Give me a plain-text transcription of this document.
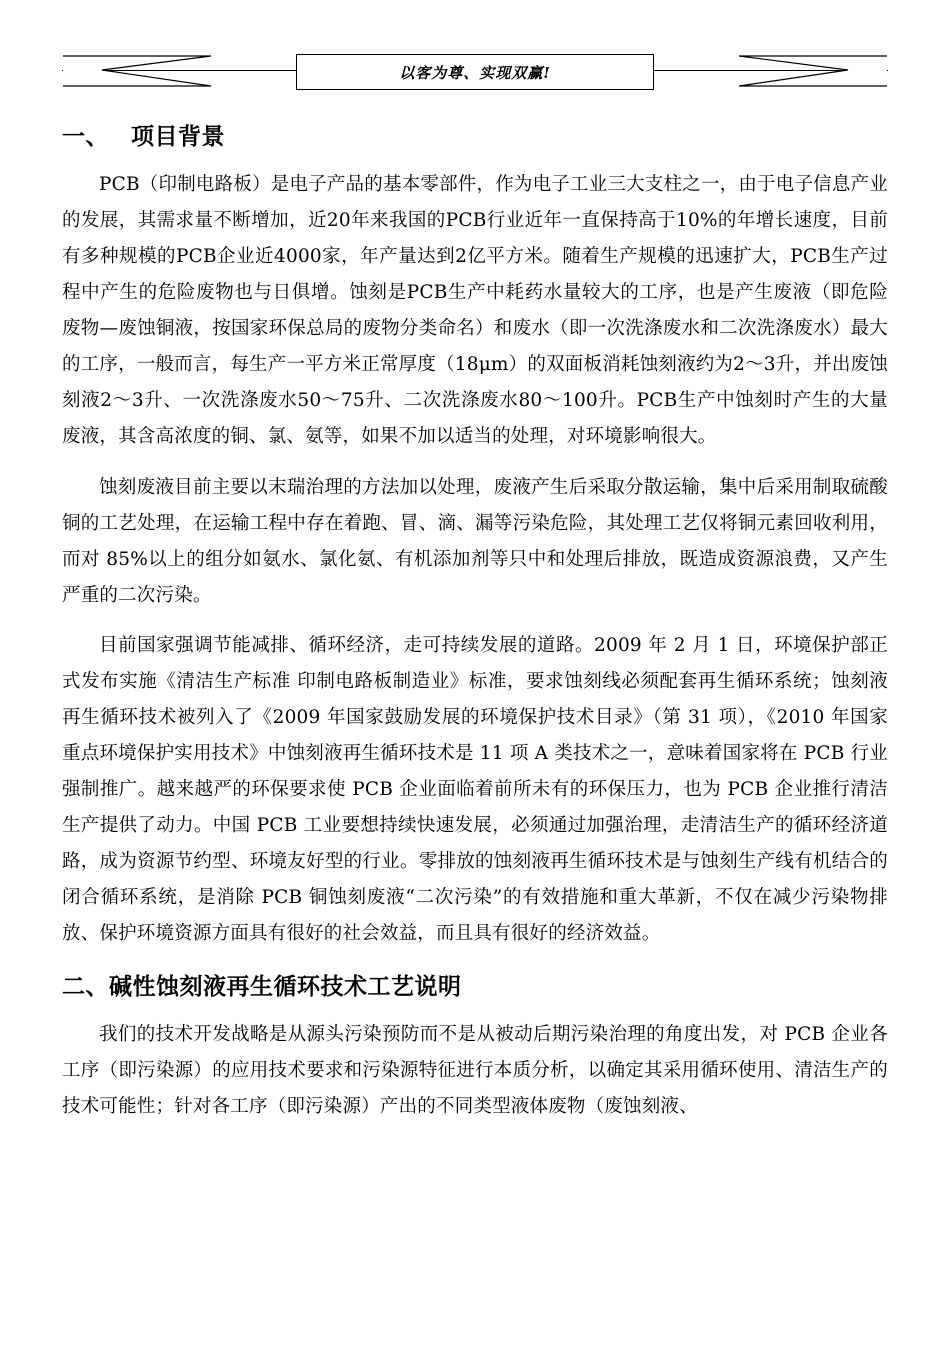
以客为尊、实现双赢!
一、 项目背景

PCB（印制电路板）是电子产品的基本零部件，作为电子工业三大支柱之一，由于电子信息产业的发展，其需求量不断增加，近20年来我国的PCB行业近年一直保持高于10%的年增长速度，目前有多种规模的PCB企业近4000家，年产量达到2亿平方米。随着生产规模的迅速扩大，PCB生产过程中产生的危险废物也与日俱增。蚀刻是PCB生产中耗药水量较大的工序，也是产生废液（即危险废物—废蚀铜液，按国家环保总局的废物分类命名）和废水（即一次洗涤废水和二次洗涤废水）最大的工序，一般而言，每生产一平方米正常厚度（18μm）的双面板消耗蚀刻液约为2～3升，并出废蚀刻液2～3升、一次洗涤废水50～75升、二次洗涤废水80～100升。PCB生产中蚀刻时产生的大量废液，其含高浓度的铜、氯、氨等，如果不加以适当的处理，对环境影响很大。

蚀刻废液目前主要以末瑞治理的方法加以处理，废液产生后采取分散运输，集中后采用制取硫酸铜的工艺处理，在运输工程中存在着跑、冒、滴、漏等污染危险，其处理工艺仅将铜元素回收利用，而对 85%以上的组分如氨水、氯化氨、有机添加剂等只中和处理后排放，既造成资源浪费，又产生严重的二次污染。

目前国家强调节能减排、循环经济，走可持续发展的道路。2009 年 2 月 1 日，环境保护部正式发布实施《清洁生产标准 印制电路板制造业》标准，要求蚀刻线必须配套再生循环系统；蚀刻液再生循环技术被列入了《2009 年国家鼓励发展的环境保护技术目录》（第 31 项），《2010 年国家重点环境保护实用技术》中蚀刻液再生循环技术是 11 项 A 类技术之一，意味着国家将在 PCB 行业强制推广。越来越严的环保要求使 PCB 企业面临着前所未有的环保压力，也为 PCB 企业推行清洁生产提供了动力。中国 PCB 工业要想持续快速发展，必须通过加强治理，走清洁生产的循环经济道路，成为资源节约型、环境友好型的行业。零排放的蚀刻液再生循环技术是与蚀刻生产线有机结合的闭合循环系统，是消除 PCB 铜蚀刻废液“二次污染”的有效措施和重大革新，不仅在减少污染物排放、保护环境资源方面具有很好的社会效益，而且具有很好的经济效益。

二、碱性蚀刻液再生循环技术工艺说明

我们的技术开发战略是从源头污染预防而不是从被动后期污染治理的角度出发，对 PCB 企业各工序（即污染源）的应用技术要求和污染源特征进行本质分析，以确定其采用循环使用、清洁生产的技术可能性；针对各工序（即污染源）产出的不同类型液体废物（废蚀刻液、
